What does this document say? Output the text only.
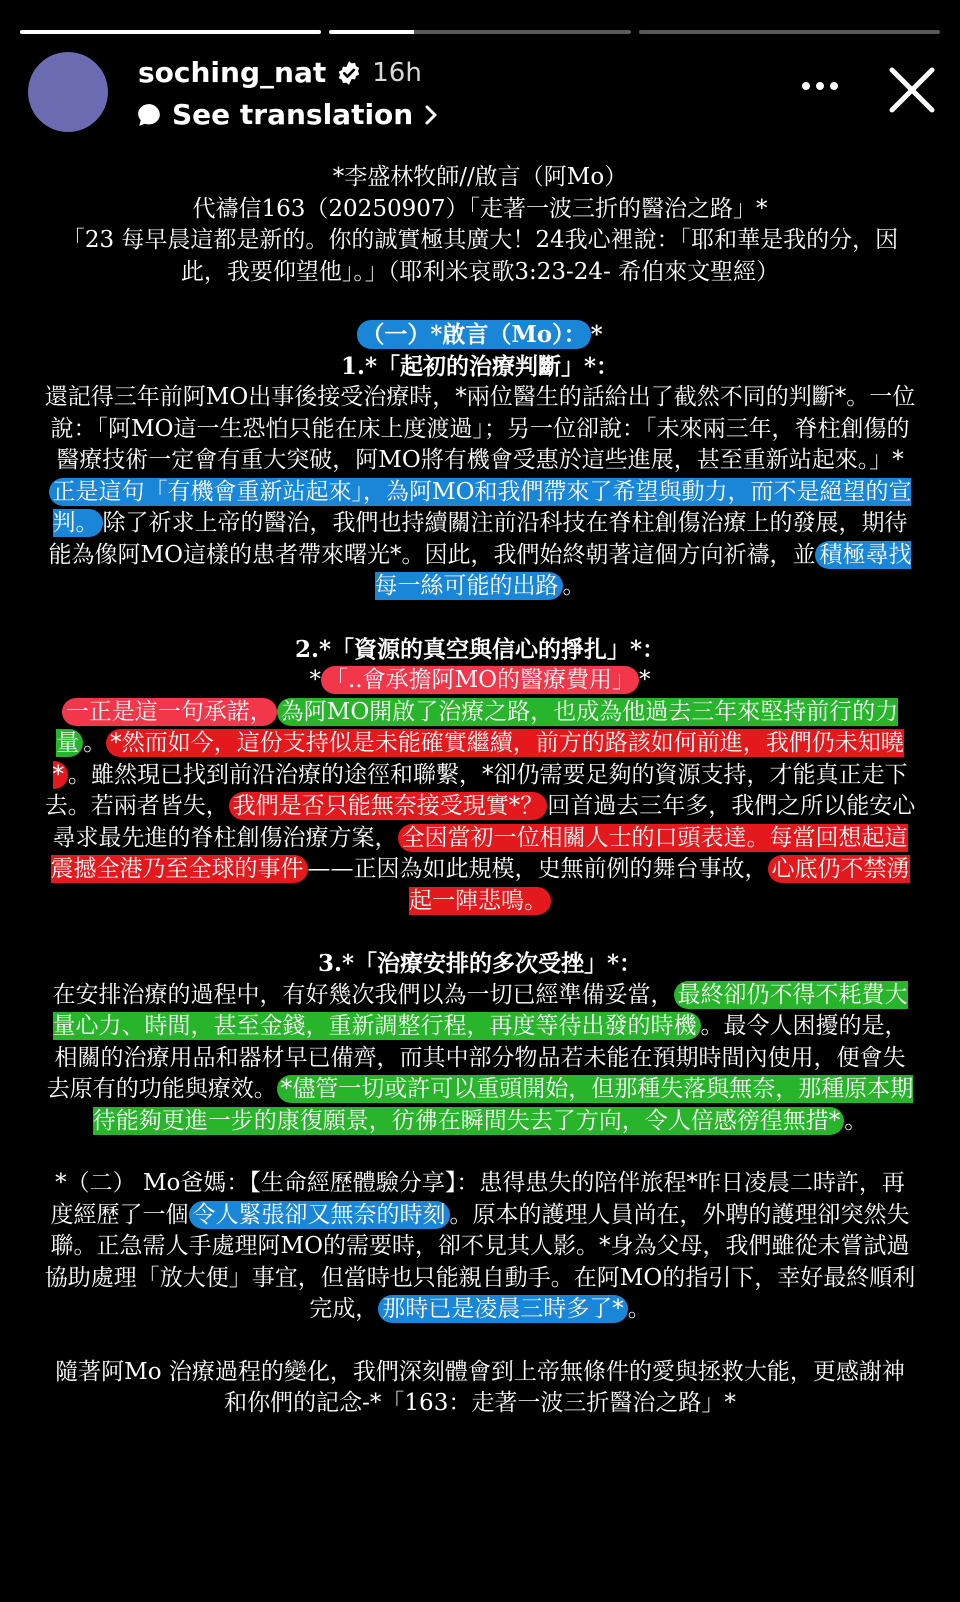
soching_nat 16h
See translation

*李盛林牧師//啟言（阿Mo）

代禱信163（20250907）「走著一波三折的醫治之路」*

「23 每早晨這都是新的。你的誠實極其廣大！24我心裡說：「耶和華是我的分，因此，我要仰望他」。」（耶利米哀歌3:23-24- 希伯來文聖經）

（一）*啟言（Mo）： *

1.*「起初的治療判斷」*：

還記得三年前阿MO出事後接受治療時，*兩位醫生的話給出了截然不同的判斷*。一位說：「阿MO這一生恐怕只能在床上度渡過」；另一位卻說：「未來兩三年，脊柱創傷的醫療技術一定會有重大突破，阿MO將有機會受惠於這些進展，甚至重新站起來。」*正是這句「有機會重新站起來」，為阿MO和我們帶來了希望與動力，而不是絕望的宣判。 除了祈求上帝的醫治，我們也持續關注前沿科技在脊柱創傷治療上的發展，期待能為像阿MO這樣的患者帶來曙光*。因此，我們始終朝著這個方向祈禱，並 積極尋找每一絲可能的出路 。

2.*「資源的真空與信心的掙扎」*：

* 「..會承擔阿MO的醫療費用」 *
一正是這一句承諾， 為阿MO開啟了治療之路，也成為他過去三年來堅持前行的力量 。 *然而如今，這份支持似是未能確實繼續，前方的路該如何前進，我們仍未知曉* 。雖然現已找到前沿治療的途徑和聯繫，*卻仍需要足夠的資源支持，才能真正走下去。若兩者皆失， 我們是否只能無奈接受現實*？ 回首過去三年多，我們之所以能安心尋求最先進的脊柱創傷治療方案， 全因當初一位相關人士的口頭表達。每當回想起這震撼全港乃至全球的事件 ——正因為如此規模，史無前例的舞台事故， 心底仍不禁湧起一陣悲鳴。

3.*「治療安排的多次受挫」*：

在安排治療的過程中，有好幾次我們以為一切已經準備妥當， 最終卻仍不得不耗費大量心力、時間，甚至金錢，重新調整行程，再度等待出發的時機 。最令人困擾的是，相關的治療用品和器材早已備齊，而其中部分物品若未能在預期時間內使用，便會失去原有的功能與療效。 *儘管一切或許可以重頭開始，但那種失落與無奈，那種原本期待能夠更進一步的康復願景，彷彿在瞬間失去了方向，令人倍感徬徨無措* 。

*（二） Mo爸媽：【生命經歷體驗分享】：患得患失的陪伴旅程*昨日凌晨二時許，再度經歷了一個 令人緊張卻又無奈的時刻 。原本的護理人員尚在，外聘的護理卻突然失聯。正急需人手處理阿MO的需要時，卻不見其人影。*身為父母，我們雖從未嘗試過協助處理「放大便」事宜，但當時也只能親自動手。在阿MO的指引下，幸好最終順利完成， 那時已是凌晨三時多了* 。

隨著阿Mo 治療過程的變化，我們深刻體會到上帝無條件的愛與拯救大能，更感謝神和你們的記念-*「163：走著一波三折醫治之路」*
